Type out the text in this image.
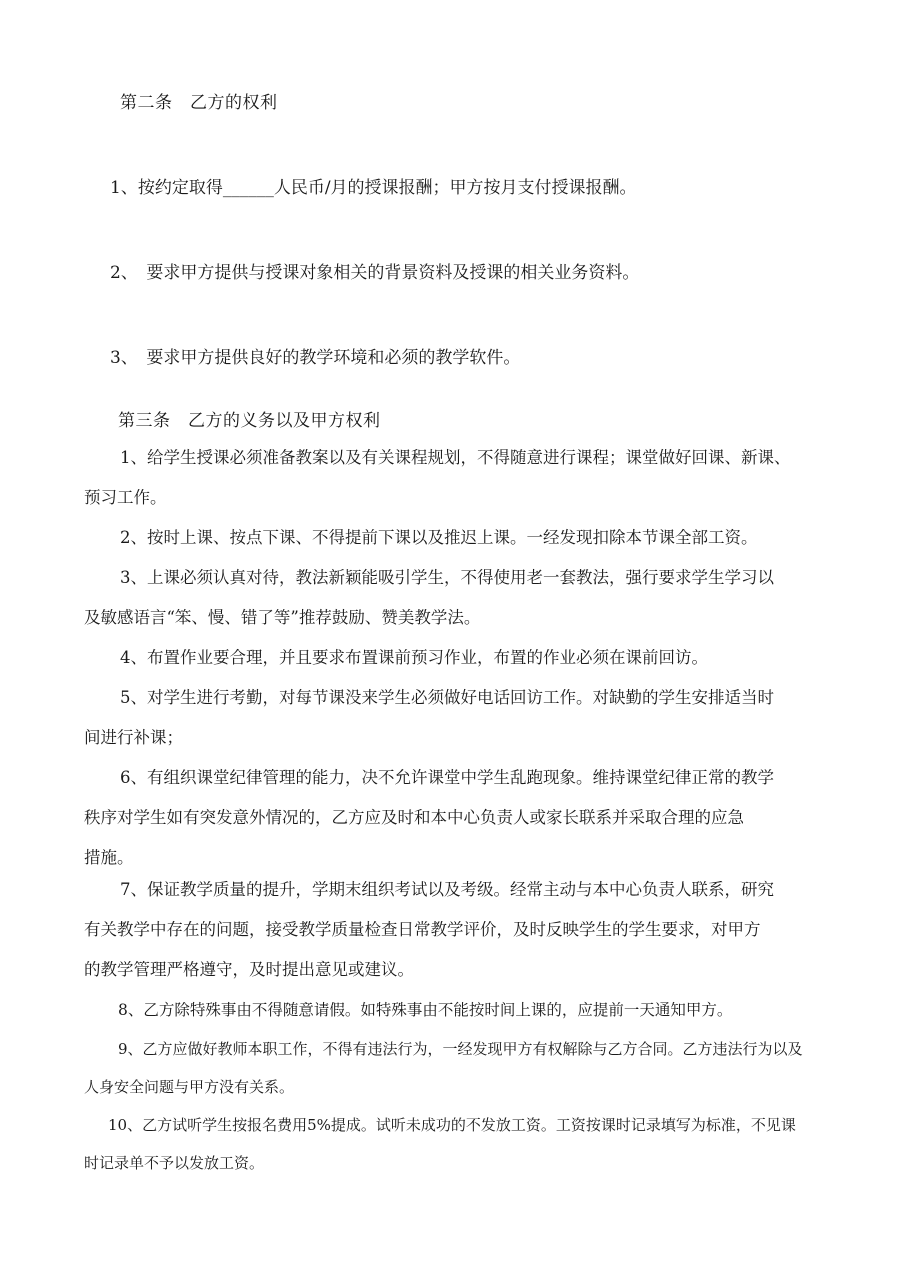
第二条　乙方的权利
1、按约定取得______人民币/月的授课报酬；甲方按月支付授课报酬。
2、　要求甲方提供与授课对象相关的背景资料及授课的相关业务资料。
3、　要求甲方提供良好的教学环境和必须的教学软件。
第三条　乙方的义务以及甲方权利
1、给学生授课必须准备教案以及有关课程规划，不得随意进行课程；课堂做好回课、新课、
预习工作。
2、按时上课、按点下课、不得提前下课以及推迟上课。一经发现扣除本节课全部工资。
3、上课必须认真对待，教法新颖能吸引学生，不得使用老一套教法，强行要求学生学习以
及敏感语言“笨、慢、错了等”推荐鼓励、赞美教学法。
4、布置作业要合理，并且要求布置课前预习作业，布置的作业必须在课前回访。
5、对学生进行考勤，对每节课没来学生必须做好电话回访工作。对缺勤的学生安排适当时
间进行补课；
6、有组织课堂纪律管理的能力，决不允许课堂中学生乱跑现象。维持课堂纪律正常的教学
秩序对学生如有突发意外情况的，乙方应及时和本中心负责人或家长联系并采取合理的应急
措施。
7、保证教学质量的提升，学期末组织考试以及考级。经常主动与本中心负责人联系，研究
有关教学中存在的问题，接受教学质量检查日常教学评价，及时反映学生的学生要求，对甲方
的教学管理严格遵守，及时提出意见或建议。
8、乙方除特殊事由不得随意请假。如特殊事由不能按时间上课的，应提前一天通知甲方。
9、乙方应做好教师本职工作，不得有违法行为，一经发现甲方有权解除与乙方合同。乙方违法行为以及
人身安全问题与甲方没有关系。
10、乙方试听学生按报名费用5%提成。试听未成功的不发放工资。工资按课时记录填写为标准，不见课
时记录单不予以发放工资。
